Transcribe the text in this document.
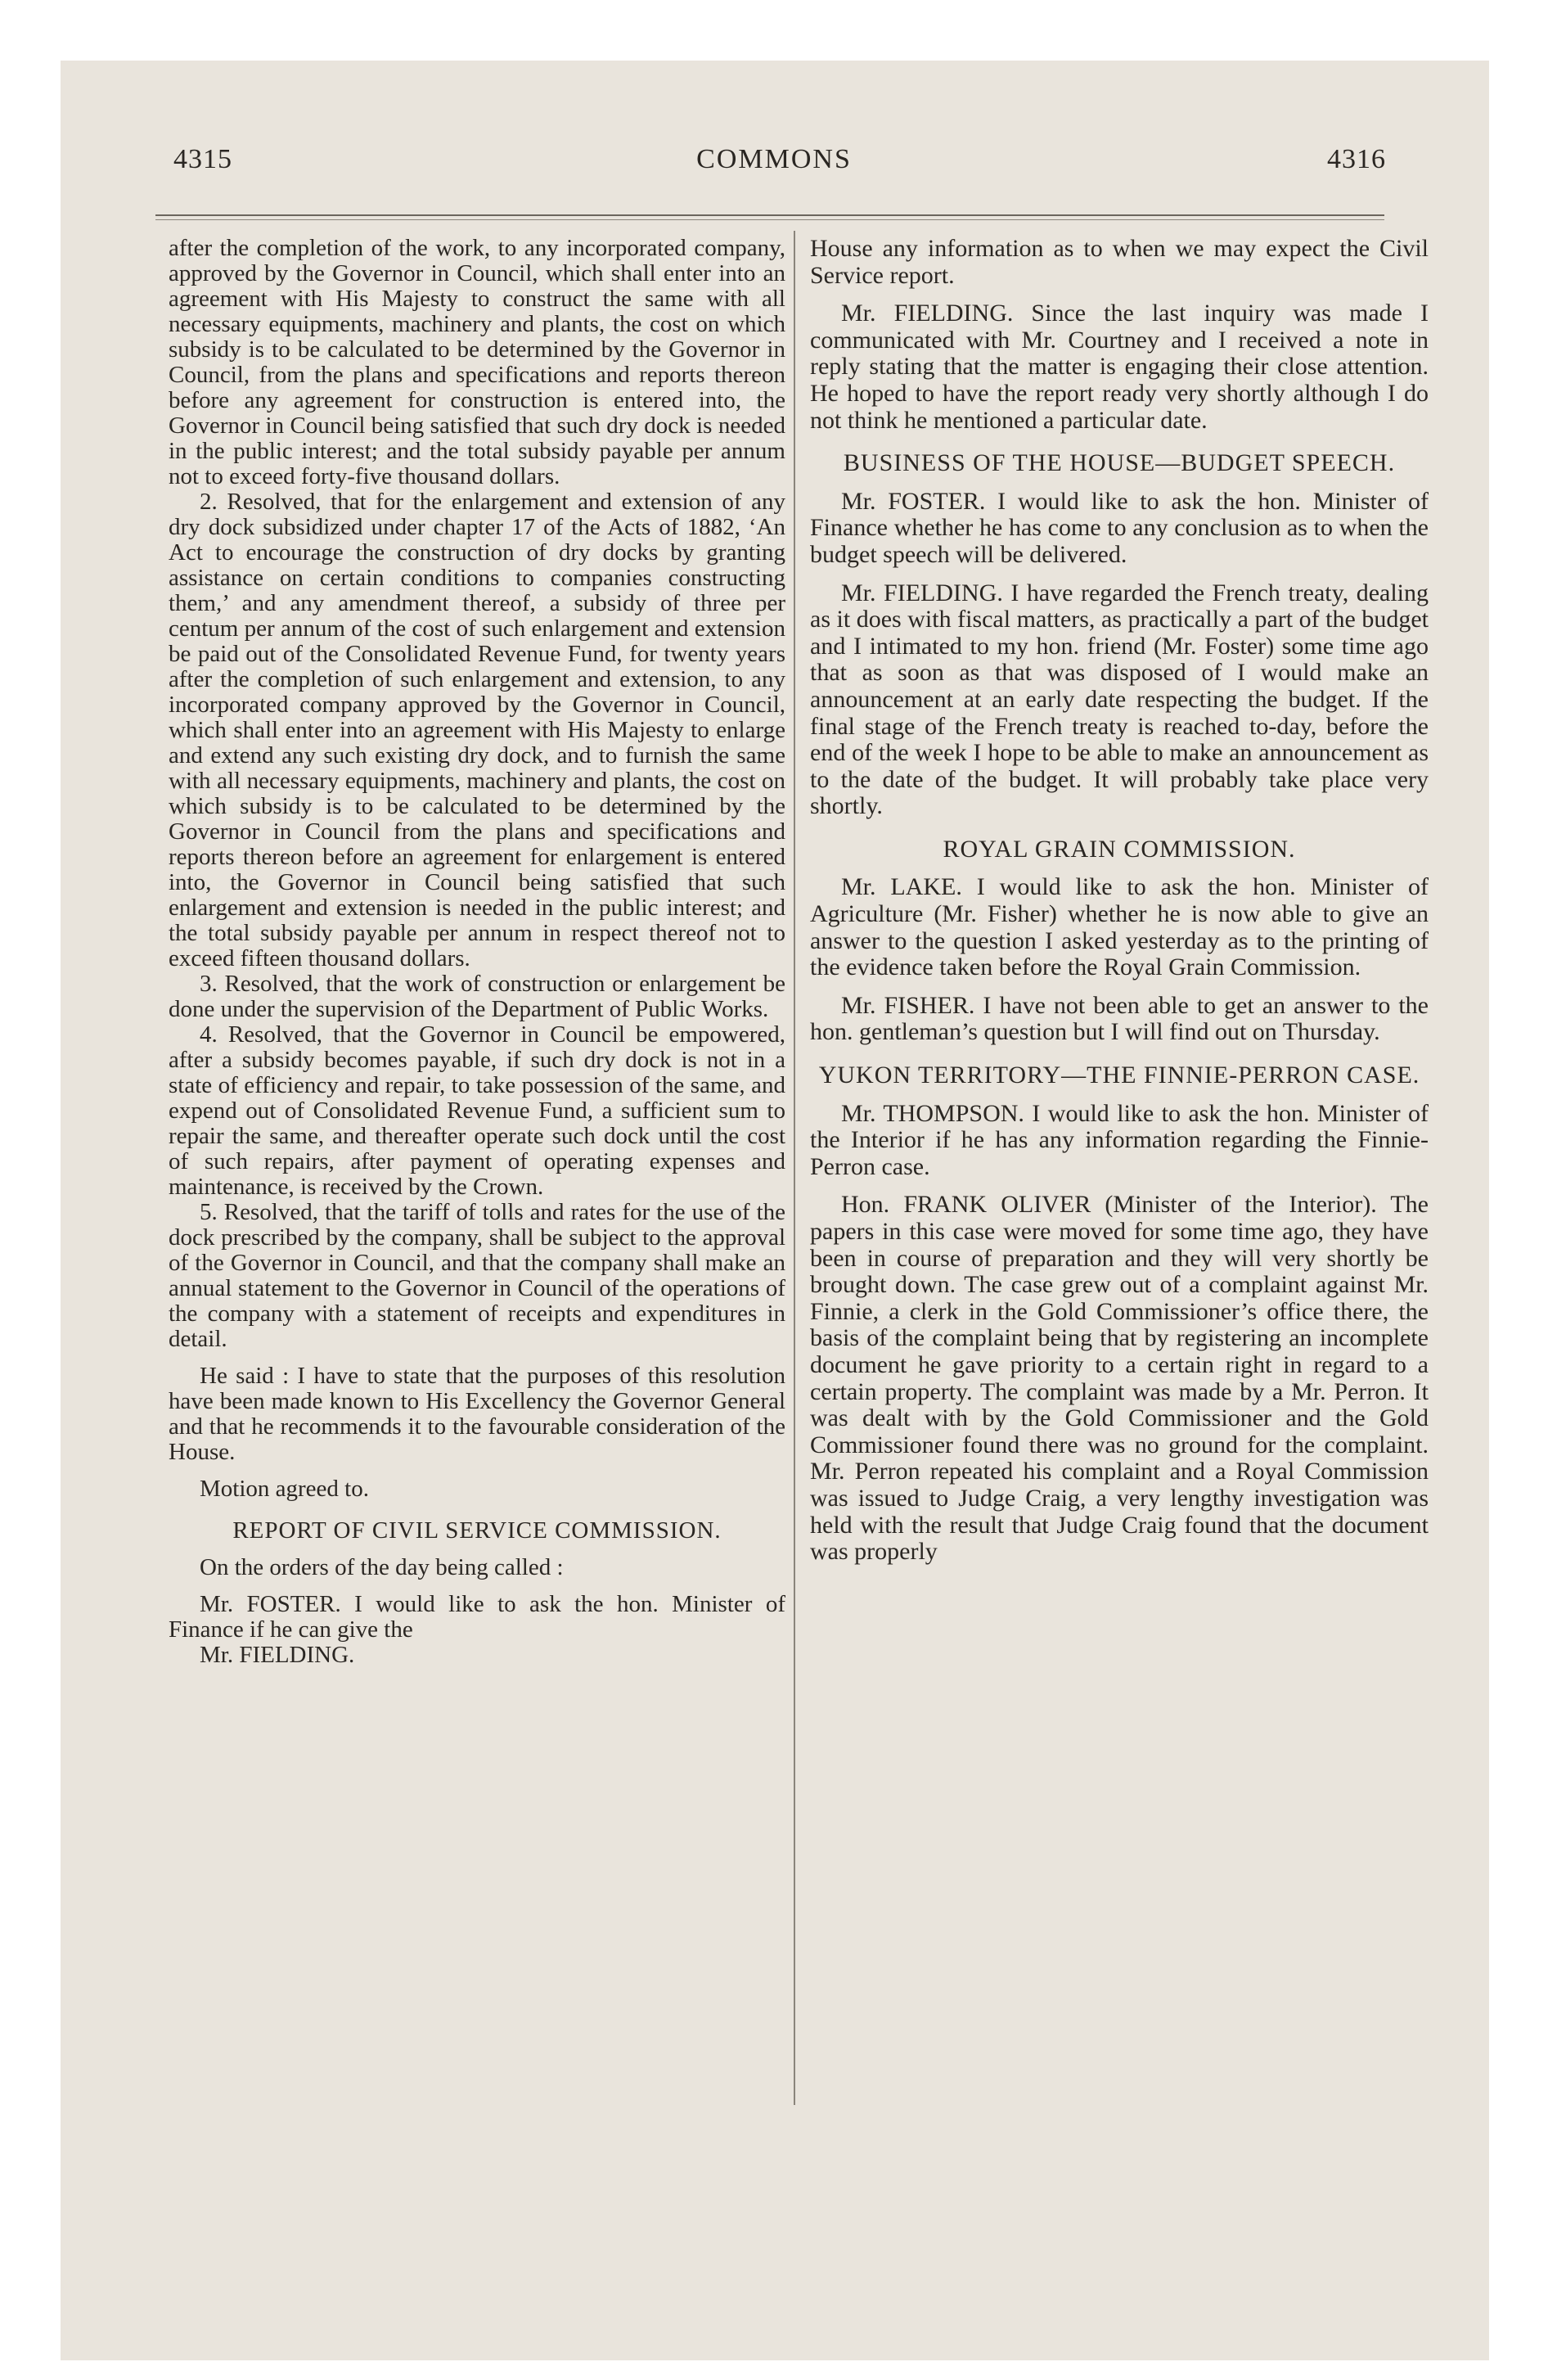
4315	COMMONS	4316

after the completion of the work, to any incorporated company, approved by the Governor in Council, which shall enter into an agreement with His Majesty to construct the same with all necessary equipments, machinery and plants, the cost on which subsidy is to be calculated to be determined by the Governor in Council, from the plans and specifications and reports thereon before any agreement for construction is entered into, the Governor in Council being satisfied that such dry dock is needed in the public interest; and the total subsidy payable per annum not to exceed forty-five thousand dollars.

2. Resolved, that for the enlargement and extension of any dry dock subsidized under chapter 17 of the Acts of 1882, ‘An Act to encourage the construction of dry docks by granting assistance on certain conditions to companies constructing them,’ and any amendment thereof, a subsidy of three per centum per annum of the cost of such enlargement and extension be paid out of the Consolidated Revenue Fund, for twenty years after the completion of such enlargement and extension, to any incorporated company approved by the Governor in Council, which shall enter into an agreement with His Majesty to enlarge and extend any such existing dry dock, and to furnish the same with all necessary equipments, machinery and plants, the cost on which subsidy is to be calculated to be determined by the Governor in Council from the plans and specifications and reports thereon before an agreement for enlargement is entered into, the Governor in Council being satisfied that such enlargement and extension is needed in the public interest; and the total subsidy payable per annum in respect thereof not to exceed fifteen thousand dollars.

3. Resolved, that the work of construction or enlargement be done under the supervision of the Department of Public Works.

4. Resolved, that the Governor in Council be empowered, after a subsidy becomes payable, if such dry dock is not in a state of efficiency and repair, to take possession of the same, and expend out of Consolidated Revenue Fund, a sufficient sum to repair the same, and thereafter operate such dock until the cost of such repairs, after payment of operating expenses and maintenance, is received by the Crown.

5. Resolved, that the tariff of tolls and rates for the use of the dock prescribed by the company, shall be subject to the approval of the Governor in Council, and that the company shall make an annual statement to the Governor in Council of the operations of the company with a statement of receipts and expenditures in detail.

He said : I have to state that the purposes of this resolution have been made known to His Excellency the Governor General and that he recommends it to the favourable consideration of the House.

Motion agreed to.

REPORT OF CIVIL SERVICE COMMISSION.

On the orders of the day being called :

Mr. FOSTER. I would like to ask the hon. Minister of Finance if he can give the

Mr. FIELDING.

House any information as to when we may expect the Civil Service report.

Mr. FIELDING. Since the last inquiry was made I communicated with Mr. Courtney and I received a note in reply stating that the matter is engaging their close attention. He hoped to have the report ready very shortly although I do not think he mentioned a particular date.

BUSINESS OF THE HOUSE—BUDGET SPEECH.

Mr. FOSTER. I would like to ask the hon. Minister of Finance whether he has come to any conclusion as to when the budget speech will be delivered.

Mr. FIELDING. I have regarded the French treaty, dealing as it does with fiscal matters, as practically a part of the budget and I intimated to my hon. friend (Mr. Foster) some time ago that as soon as that was disposed of I would make an announcement at an early date respecting the budget. If the final stage of the French treaty is reached to-day, before the end of the week I hope to be able to make an announcement as to the date of the budget. It will probably take place very shortly.

ROYAL GRAIN COMMISSION.

Mr. LAKE. I would like to ask the hon. Minister of Agriculture (Mr. Fisher) whether he is now able to give an answer to the question I asked yesterday as to the printing of the evidence taken before the Royal Grain Commission.

Mr. FISHER. I have not been able to get an answer to the hon. gentleman’s question but I will find out on Thursday.

YUKON TERRITORY—THE FINNIE-PERRON CASE.

Mr. THOMPSON. I would like to ask the hon. Minister of the Interior if he has any information regarding the Finnie-Perron case.

Hon. FRANK OLIVER (Minister of the Interior). The papers in this case were moved for some time ago, they have been in course of preparation and they will very shortly be brought down. The case grew out of a complaint against Mr. Finnie, a clerk in the Gold Commissioner’s office there, the basis of the complaint being that by registering an incomplete document he gave priority to a certain right in regard to a certain property. The complaint was made by a Mr. Perron. It was dealt with by the Gold Commissioner and the Gold Commissioner found there was no ground for the complaint. Mr. Perron repeated his complaint and a Royal Commission was issued to Judge Craig, a very lengthy investigation was held with the result that Judge Craig found that the document was properly
